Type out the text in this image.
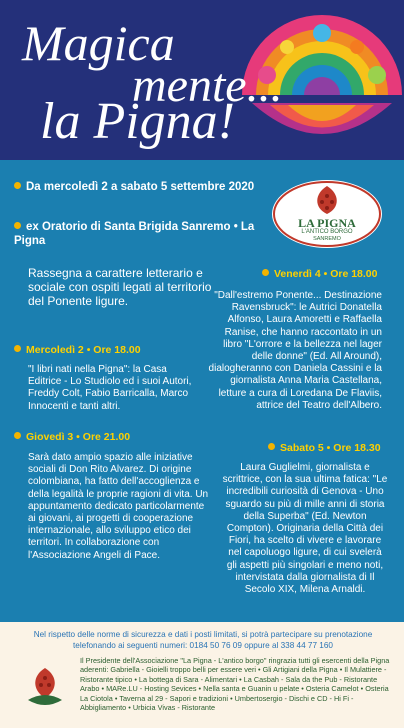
Magica
mente...
la Pigna!
Da mercoledì 2 a sabato 5 settembre 2020
ex Oratorio di Santa Brigida Sanremo • La Pigna
LA PIGNA
L'ANTICO BORGO
SANREMO
Rassegna a carattere letterario e sociale con ospiti legati al territorio del Ponente ligure.
Mercoledì 2 • Ore 18.00
"I libri nati nella Pigna": la Casa Editrice - Lo Studiolo ed i suoi Autori, Freddy Colt, Fabio Barricalla, Marco Innocenti e tanti altri.
Giovedì 3 • Ore 21.00
Sarà dato ampio spazio alle iniziative sociali di Don Rito Alvarez. Di origine colombiana, ha fatto dell'accoglienza e della legalità le proprie ragioni di vita. Un appuntamento dedicato particolarmente ai giovani, ai progetti di cooperazione internazionale, allo sviluppo etico dei territori. In collaborazione con l'Associazione Angeli di Pace.
Venerdì 4 • Ore 18.00
"Dall'estremo Ponente... Destinazione Ravensbruck": le Autrici Donatella Alfonso, Laura Amoretti e Raffaella Ranise, che hanno raccontato in un libro "L'orrore e la bellezza nel lager delle donne" (Ed. All Around), dialogheranno con Daniela Cassini e la giornalista Anna Maria Castellana, letture a cura di Loredana De Flaviis, attrice del Teatro dell'Albero.
Sabato 5 • Ore 18.30
Laura Guglielmi, giornalista e scrittrice, con la sua ultima fatica: "Le incredibili curiosità di Genova - Uno sguardo su più di mille anni di storia della Superba" (Ed. Newton Compton). Originaria della Città dei Fiori, ha scelto di vivere e lavorare nel capoluogo ligure, di cui svelerà gli aspetti più singolari e meno noti, intervistata dalla giornalista di Il Secolo XIX, Milena Arnaldi.
Nel rispetto delle norme di sicurezza e dati i posti limitati, si potrà partecipare su prenotazione telefonando ai seguenti numeri: 0184 50 76 09 oppure al 338 44 77 160
Il Presidente dell'Associazione "La Pigna - L'antico borgo" ringrazia tutti gli esercenti della Pigna aderenti: Gabriella - Gioielli troppo belli per essere veri • Gli Artigiani della Pigna • Il Mulattiere - Ristorante tipico • La bottega di Sara - Alimentari • La Casbah - Sala da the Pub - Ristorante Arabo • MARe.LU - Hosting Sevices • Nella santa e Guanin u pelate • Osteria Camelot • Osteria La Ciotola • Taverna al 29 - Sapori e tradizioni • Umbertosergio - Dischi e CD - Hi Fi - Abbigliamento • Urbicia Vivas - Ristorante
